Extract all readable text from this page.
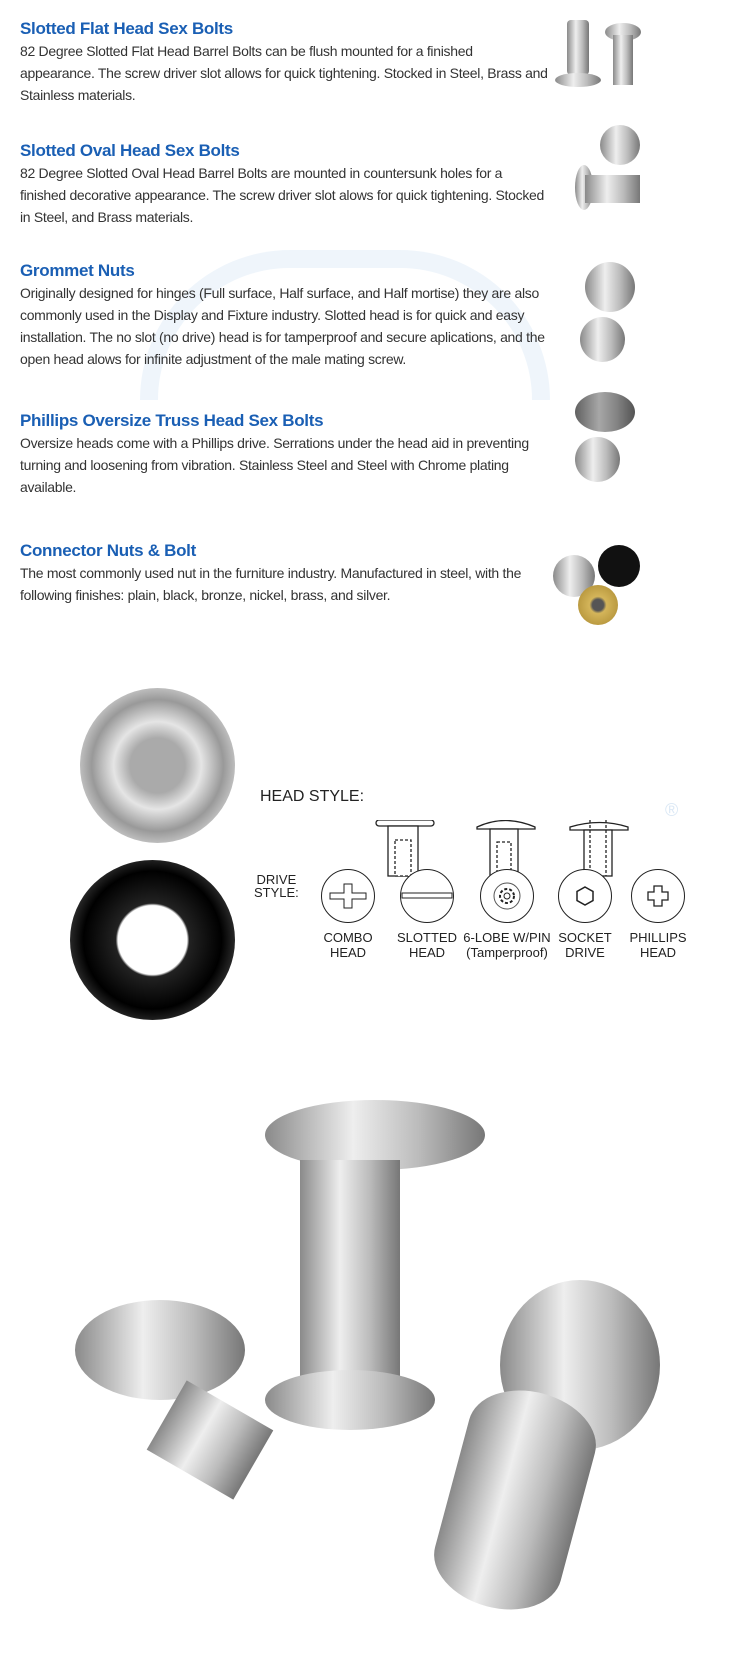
Slotted Flat Head Sex Bolts

82 Degree Slotted Flat Head Barrel Bolts can be flush mounted for a finished appearance. The screw driver slot allows for quick tightening. Stocked in Steel, Brass and Stainless materials.

Slotted Oval Head Sex Bolts

82 Degree Slotted Oval Head Barrel Bolts are mounted in countersunk holes for a finished decorative appearance. The screw driver slot alows for quick tightening. Stocked in Steel, and Brass materials.

Grommet Nuts

Originally designed for hinges (Full surface, Half surface, and Half mortise) they are also commonly used in the Display and Fixture industry. Slotted head is for quick and easy installation. The no slot (no drive) head is for tamperproof and secure aplications, and the open head alows for infinite adjustment of the male mating screw.

Phillips Oversize Truss Head Sex Bolts

Oversize heads come with a Phillips drive. Serrations under the head aid in preventing turning and loosening from vibration. Stainless Steel and Steel with Chrome plating available.

Connector Nuts & Bolt

The most commonly used nut in the furniture industry. Manufactured in steel, with the following finishes: plain, black, bronze, nickel, brass, and silver.

HEAD STYLE:
®
DRIVE
STYLE:
COMBO
HEAD
SLOTTED
HEAD
6-LOBE W/PIN
(Tamperproof)
SOCKET
DRIVE
PHILLIPS
HEAD
